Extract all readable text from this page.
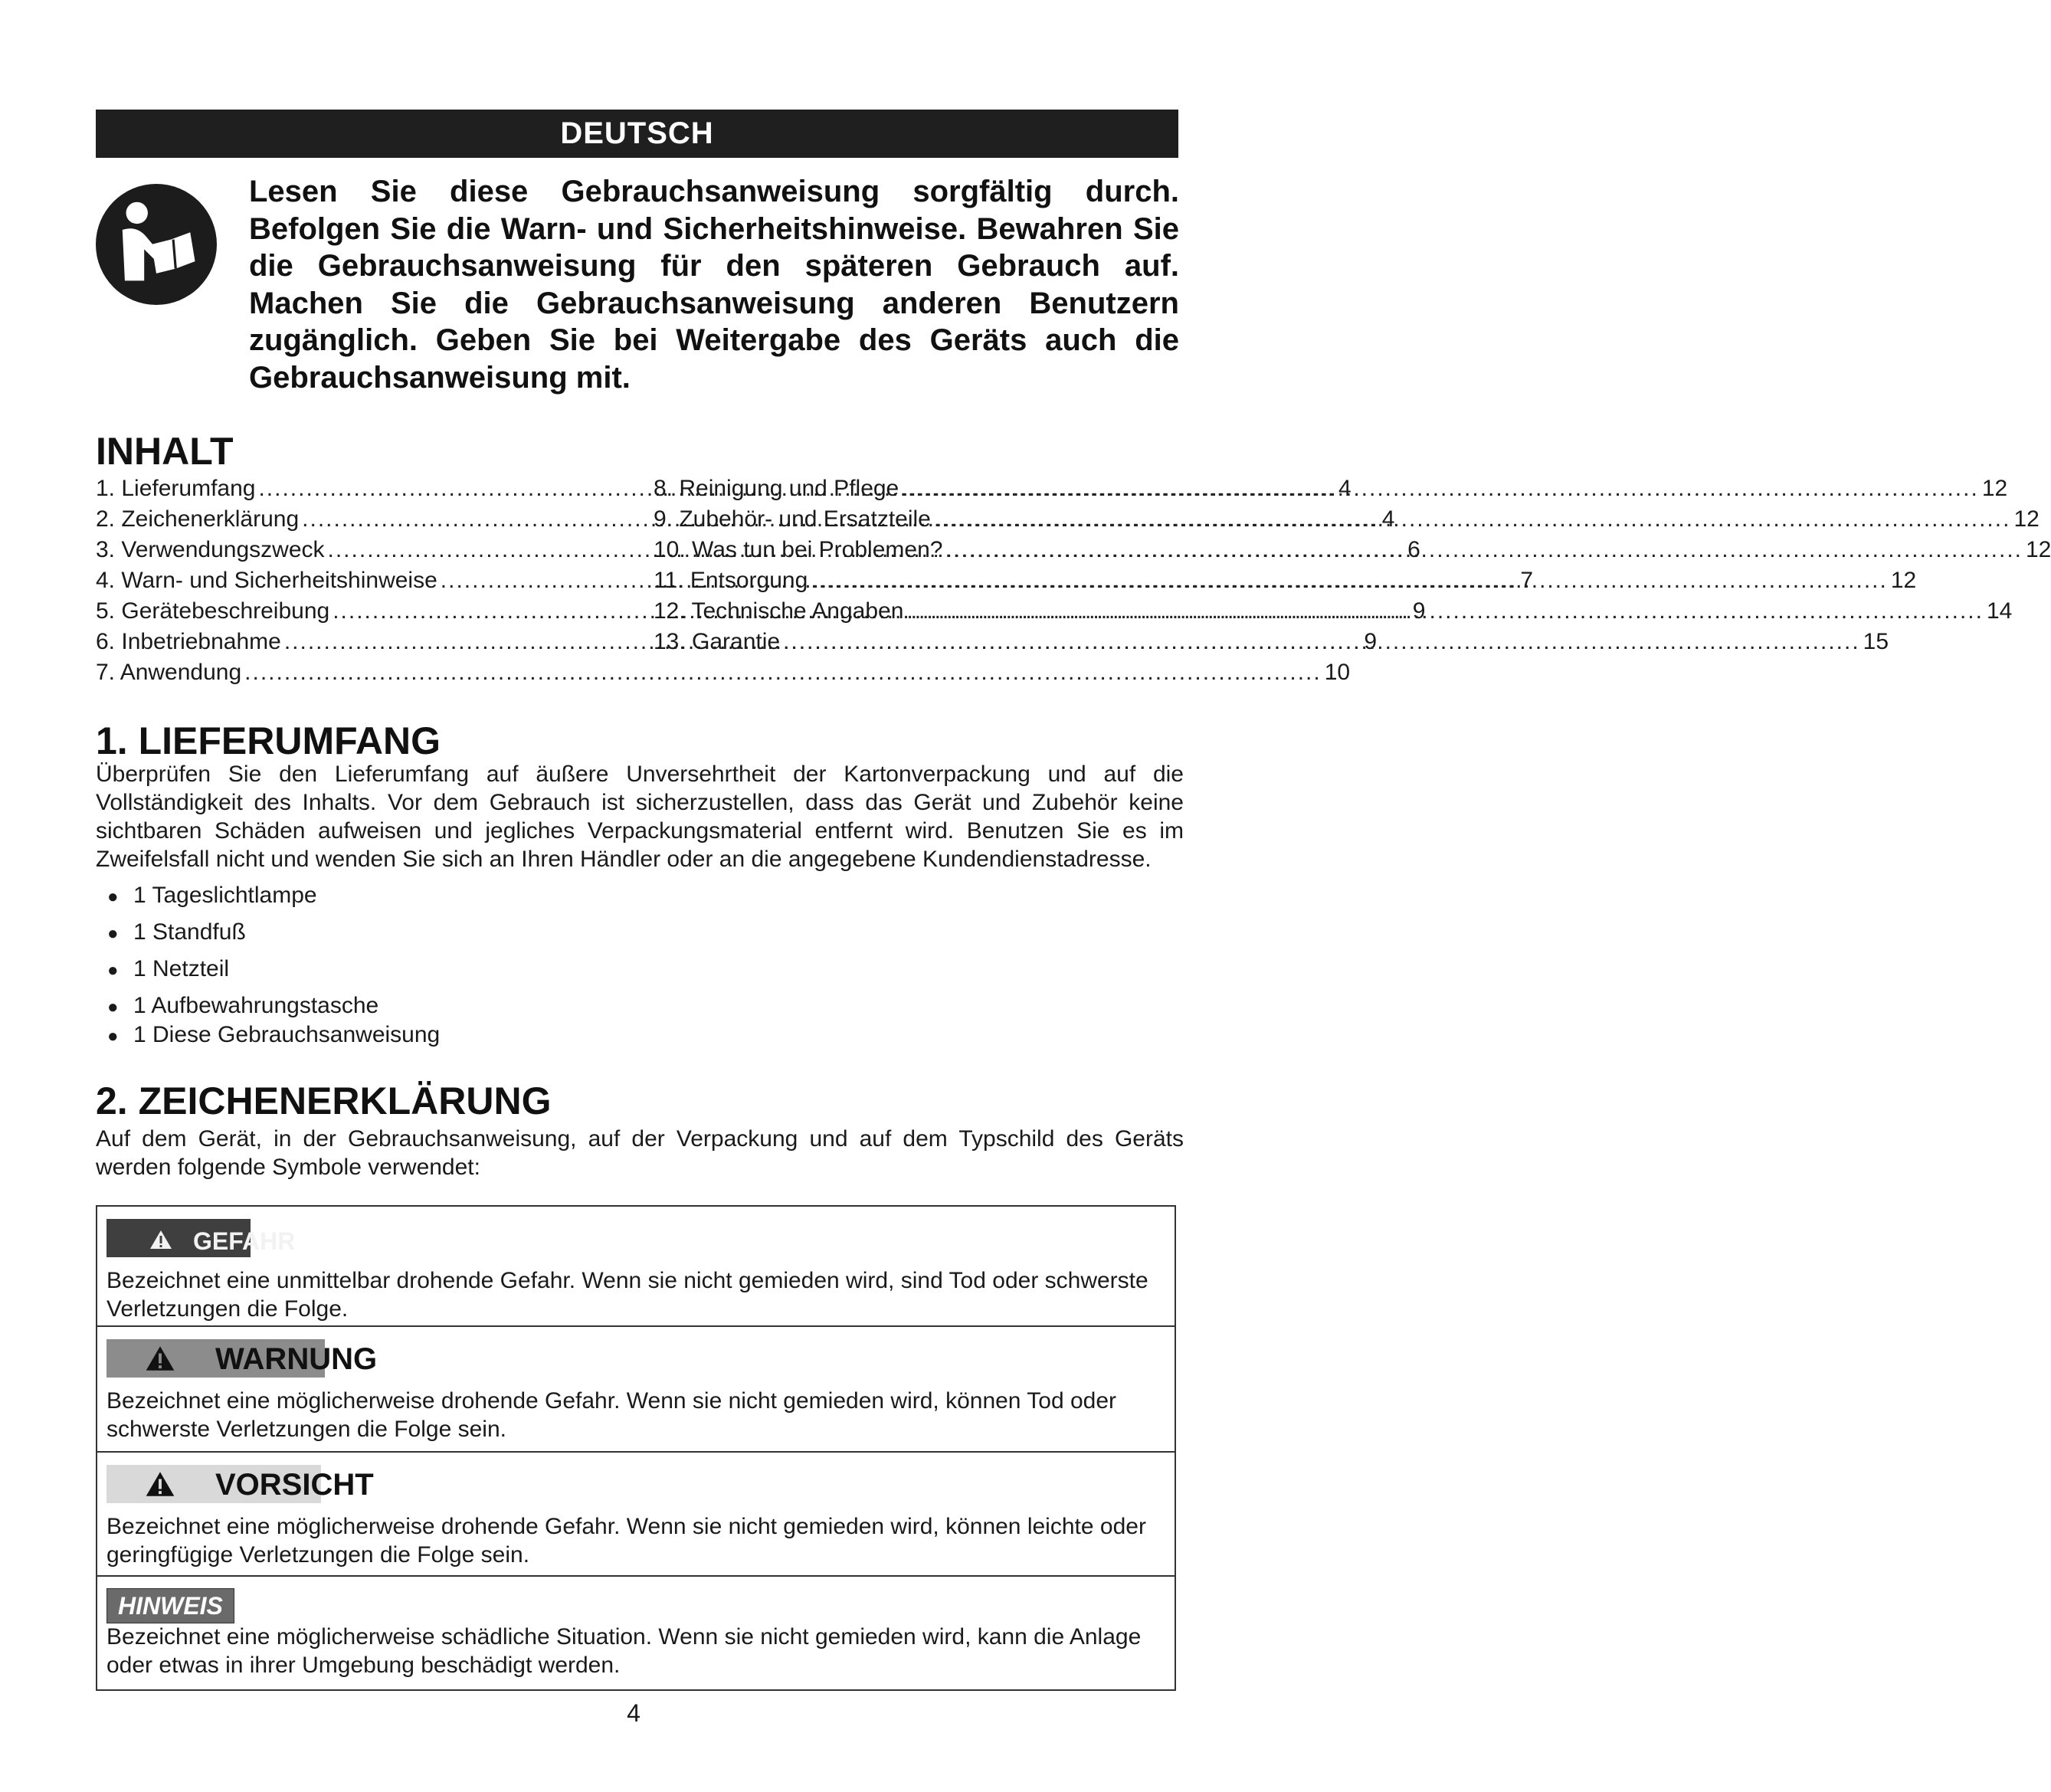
DEUTSCH

Lesen Sie diese Gebrauchsanweisung sorgfältig durch. Befolgen Sie die Warn- und Sicherheitshinweise. Bewahren Sie die Gebrauchsanweisung für den späteren Gebrauch auf. Machen Sie die Gebrauchsanweisung anderen Benutzern zugänglich. Geben Sie bei Weitergabe des Geräts auch die Gebrauchsanweisung mit.

INHALT
1. Lieferumfang .....	4
2. Zeichenerklärung .....	4
3. Verwendungszweck .....	6
4. Warn- und Sicherheitshinweise .....	7
5. Gerätebeschreibung .....	9
6. Inbetriebnahme .....	9
7. Anwendung .....	10
8. Reinigung und Pflege .....	12
9. Zubehör- und Ersatzteile .....	12
10. Was tun bei Problemen? .....	12
11. Entsorgung .....	12
12. Technische Angaben .....	14
13. Garantie .....	15
1. LIEFERUMFANG

Überprüfen Sie den Lieferumfang auf äußere Unversehrtheit der Kartonverpackung und auf die Vollständigkeit des Inhalts. Vor dem Gebrauch ist sicherzustellen, dass das Gerät und Zubehör keine sichtbaren Schäden aufweisen und jegliches Verpackungsmaterial entfernt wird. Benutzen Sie es im Zweifelsfall nicht und wenden Sie sich an Ihren Händler oder an die angegebene Kundendienstadresse.

● 1 Tageslichtlampe
● 1 Standfuß
● 1 Netzteil
● 1 Aufbewahrungstasche
● 1 Diese Gebrauchsanweisung
2. ZEICHENERKLÄRUNG

Auf dem Gerät, in der Gebrauchsanweisung, auf der Verpackung und auf dem Typschild des Geräts werden folgende Symbole verwendet:

GEFAHR

Bezeichnet eine unmittelbar drohende Gefahr. Wenn sie nicht gemieden wird, sind Tod oder schwerste Verletzungen die Folge.

WARNUNG

Bezeichnet eine möglicherweise drohende Gefahr. Wenn sie nicht gemieden wird, können Tod oder schwerste Verletzungen die Folge sein.

VORSICHT

Bezeichnet eine möglicherweise drohende Gefahr. Wenn sie nicht gemieden wird, können leichte oder geringfügige Verletzungen die Folge sein.

HINWEIS

Bezeichnet eine möglicherweise schädliche Situation. Wenn sie nicht gemieden wird, kann die Anlage oder etwas in ihrer Umgebung beschädigt werden.

4
